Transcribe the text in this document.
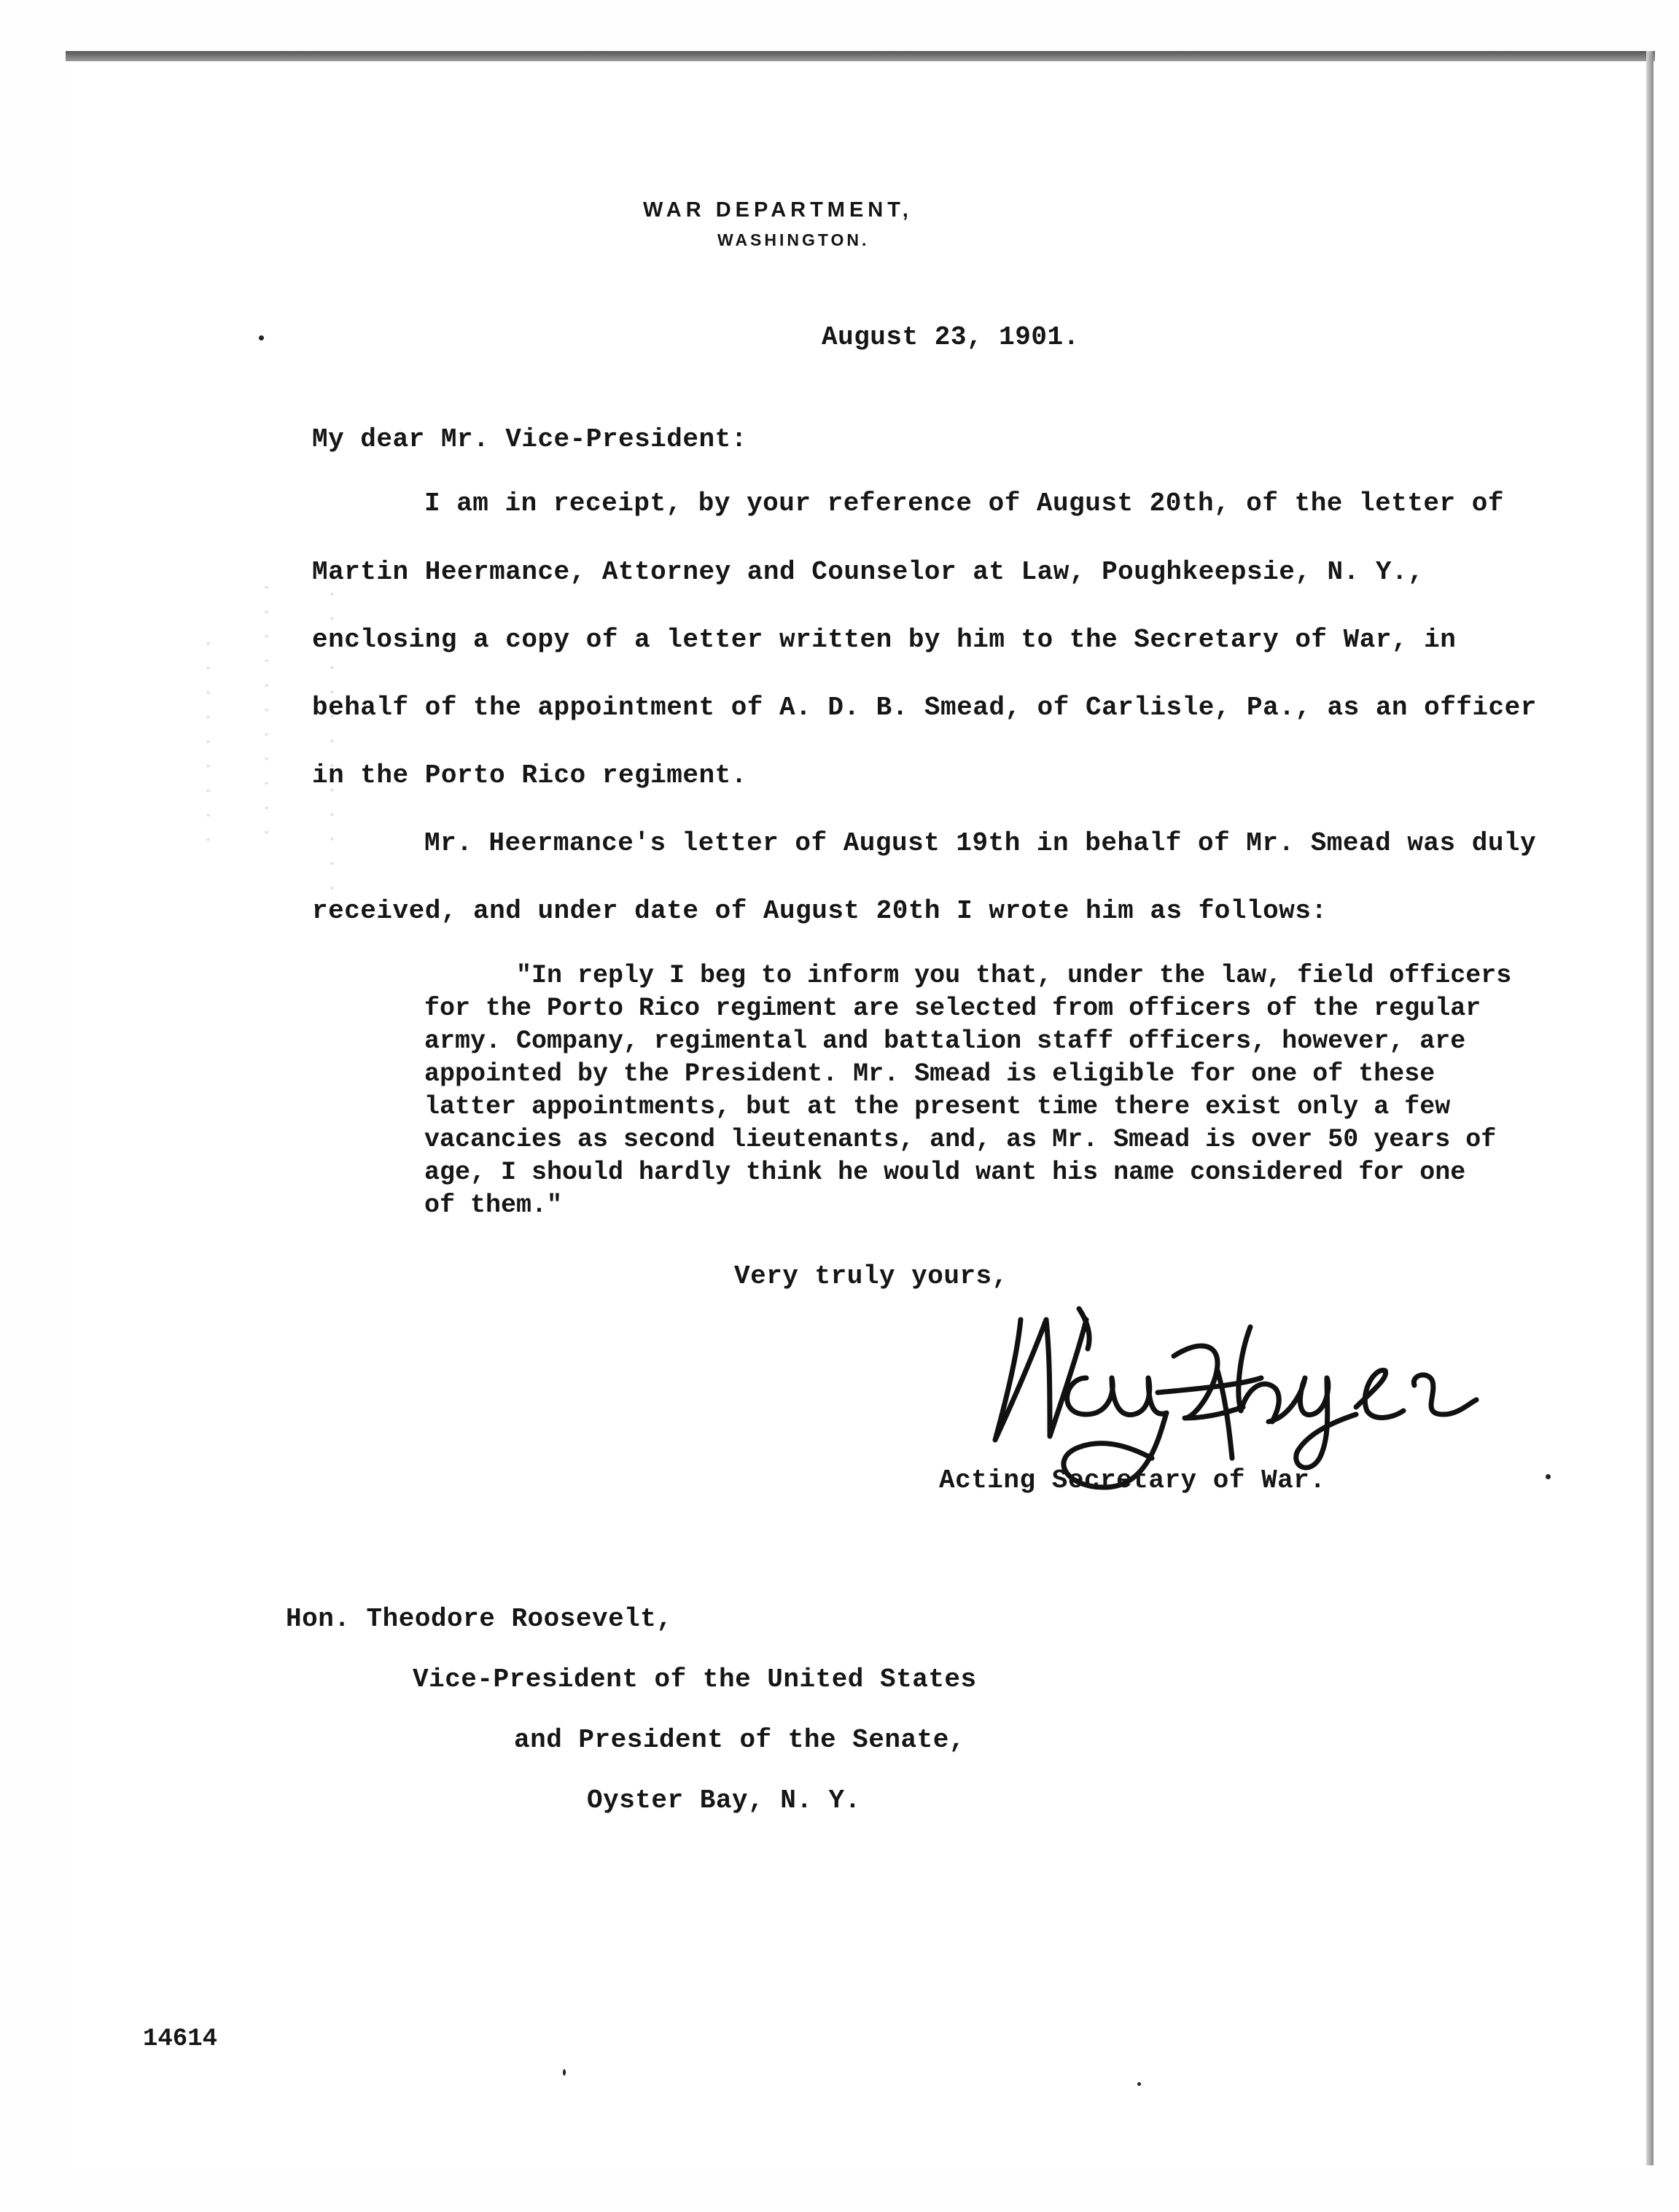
· · · · · · · · · · · · · · · · · · · · · · · · · · · · · · · · · ·
WAR DEPARTMENT,
WASHINGTON.
August 23, 1901.
My dear Mr. Vice-President:
I am in receipt, by your reference of August 20th, of the letter of
Martin Heermance, Attorney and Counselor at Law, Poughkeepsie, N. Y.,
enclosing a copy of a letter written by him to the Secretary of War, in
behalf of the appointment of A. D. B. Smead, of Carlisle, Pa., as an officer
in the Porto Rico regiment.
Mr. Heermance's letter of August 19th in behalf of Mr. Smead was duly
received, and under date of August 20th I wrote him as follows:
"In reply I beg to inform you that, under the law, field officers
for the Porto Rico regiment are selected from officers of the regular
army. Company, regimental and battalion staff officers, however, are
appointed by the President. Mr. Smead is eligible for one of these
latter appointments, but at the present time there exist only a few
vacancies as second lieutenants, and, as Mr. Smead is over 50 years of
age, I should hardly think he would want his name considered for one
of them."
Very truly yours,
Acting Secretary of War.
Hon. Theodore Roosevelt,
Vice-President of the United States
and President of the Senate,
Oyster Bay, N. Y.
14614
